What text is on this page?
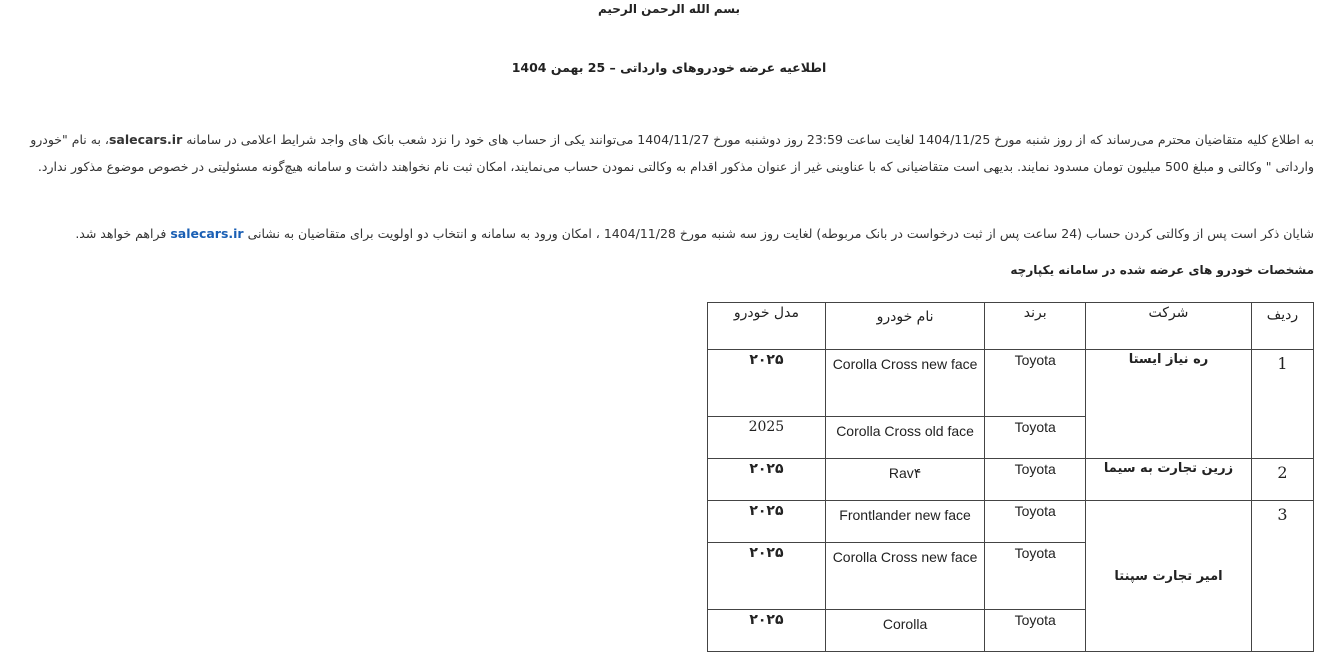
بسم الله الرحمن الرحیم
اطلاعیه عرضه خودروهای وارداتی – 25 بهمن 1404
به اطلاع کلیه متقاضیان محترم می‌رساند که از روز شنبه مورخ 1404/11/25 لغایت ساعت 23:59 روز دوشنبه مورخ 1404/11/27 می‌توانند یکی از حساب های خود را نزد شعب بانک های واجد شرایط اعلامی در سامانه salecars.ir، به نام "خودرو وارداتی " وکالتی و مبلغ 500 میلیون تومان مسدود نمایند. بدیهی است متقاضیانی که با عناوینی غیر از عنوان مذکور اقدام به وکالتی نمودن حساب می‌نمایند، امکان ثبت نام نخواهند داشت و سامانه هیچ‌گونه مسئولیتی در خصوص موضوع مذکور ندارد.
شایان ذکر است پس از وکالتی کردن حساب (24 ساعت پس از ثبت درخواست در بانک مربوطه) لغایت روز سه شنبه مورخ 1404/11/28 ، امکان ورود به سامانه و انتخاب دو اولویت برای متقاضیان به نشانی salecars.ir فراهم خواهد شد.
مشخصات خودرو های عرضه شده در سامانه یکپارچه
ردیف	شرکت	برند	نام خودرو	مدل خودرو
1	ره نیاز ایستا	Toyota	Corolla Cross new face	۲۰۲۵
		Toyota	Corolla Cross old face	2025
2	زرین تجارت به سیما	Toyota	Rav۴	۲۰۲۵
3	امیر تجارت سپنتا	Toyota	Frontlander new face	۲۰۲۵
		Toyota	Corolla Cross new face	۲۰۲۵
		Toyota	Corolla	۲۰۲۵
